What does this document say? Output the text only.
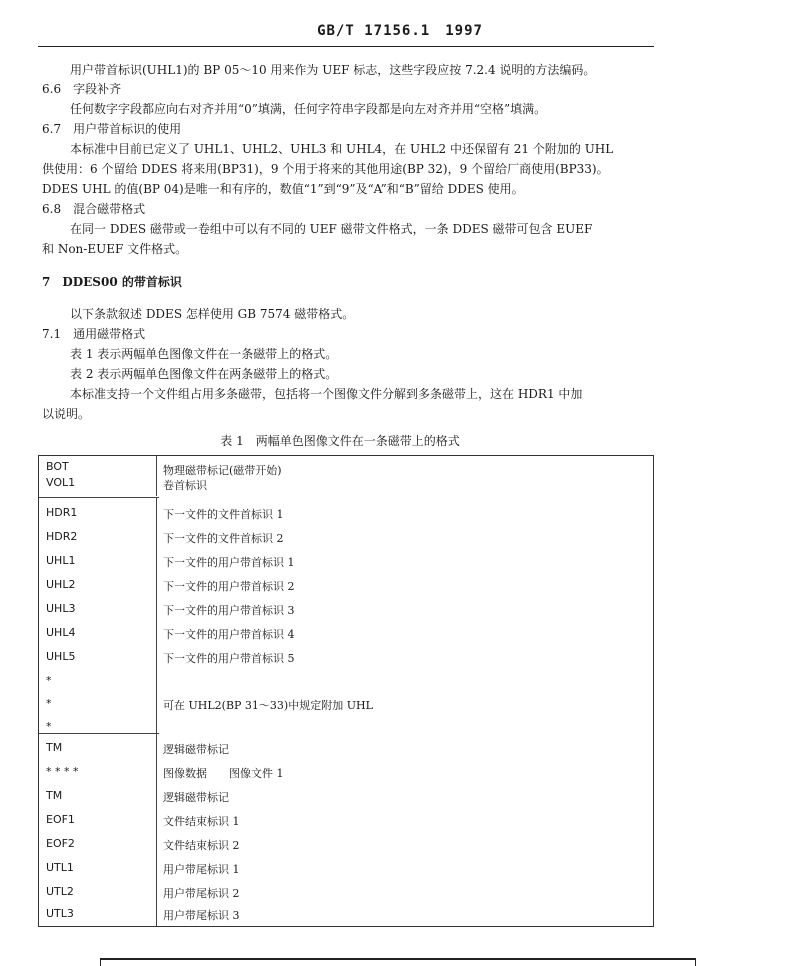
GB/T 17156.1　1997
用户带首标识(UHL1)的 BP 05～10 用来作为 UEF 标志，这些字段应按 7.2.4 说明的方法编码。
6.6　字段补齐
任何数字字段都应向右对齐并用“0”填满，任何字符串字段都是向左对齐并用“空格”填满。
6.7　用户带首标识的使用
本标准中目前已定义了 UHL1、UHL2、UHL3 和 UHL4，在 UHL2 中还保留有 21 个附加的 UHL
供使用：6 个留给 DDES 将来用(BP31)，9 个用于将来的其他用途(BP 32)，9 个留给厂商使用(BP33)。
DDES UHL 的值(BP 04)是唯一和有序的，数值“1”到“9”及“A”和“B”留给 DDES 使用。
6.8　混合磁带格式
在同一 DDES 磁带或一卷组中可以有不同的 UEF 磁带文件格式，一条 DDES 磁带可包含 EUEF
和 Non-EUEF 文件格式。
7　DDES00 的带首标识
以下条款叙述 DDES 怎样使用 GB 7574 磁带格式。
7.1　通用磁带格式
表 1 表示两幅单色图像文件在一条磁带上的格式。
表 2 表示两幅单色图像文件在两条磁带上的格式。
本标准支持一个文件组占用多条磁带，包括将一个图像文件分解到多条磁带上，这在 HDR1 中加
以说明。
表 1　两幅单色图像文件在一条磁带上的格式
BOT	物理磁带标记(磁带开始)
VOL1	卷首标识
HDR1	下一文件的文件首标识 1
HDR2	下一文件的文件首标识 2
UHL1	下一文件的用户带首标识 1
UHL2	下一文件的用户带首标识 2
UHL3	下一文件的用户带首标识 3
UHL4	下一文件的用户带首标识 4
UHL5	下一文件的用户带首标识 5
*
*	可在 UHL2(BP 31～33)中规定附加 UHL
*
TM	逻辑磁带标记
* * * *	图像数据　　图像文件 1
TM	逻辑磁带标记
EOF1	文件结束标识 1
EOF2	文件结束标识 2
UTL1	用户带尾标识 1
UTL2	用户带尾标识 2
UTL3	用户带尾标识 3
